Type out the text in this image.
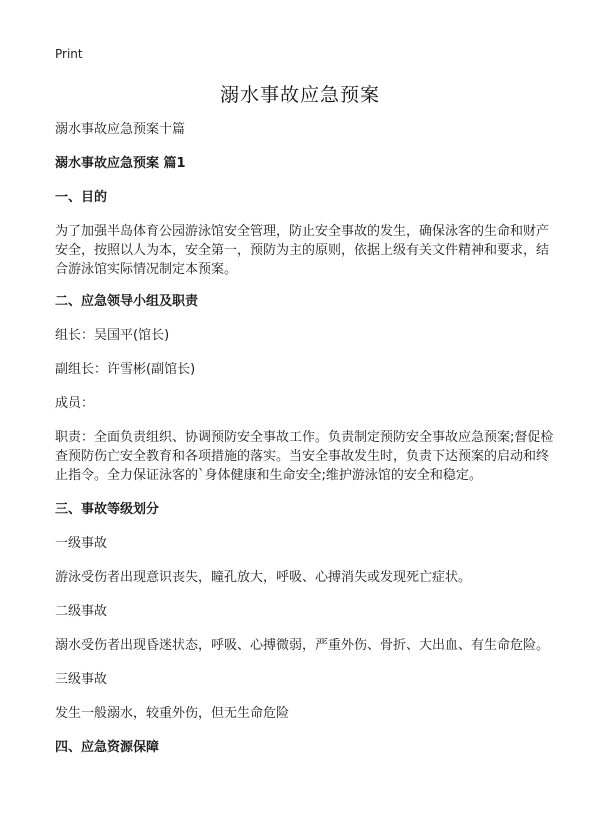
Print
溺水事故应急预案

溺水事故应急预案十篇

溺水事故应急预案 篇1

一、目的

为了加强半岛体育公园游泳馆安全管理，防止安全事故的发生，确保泳客的生命和财产安全，按照以人为本，安全第一，预防为主的原则，依据上级有关文件精神和要求，结合游泳馆实际情况制定本预案。

二、应急领导小组及职责

组长：吴国平(馆长)

副组长：许雪彬(副馆长)

成员：

职责：全面负责组织、协调预防安全事故工作。负责制定预防安全事故应急预案;督促检查预防伤亡安全教育和各项措施的落实。当安全事故发生时，负责下达预案的启动和终止指令。全力保证泳客的`身体健康和生命安全;维护游泳馆的安全和稳定。

三、事故等级划分

一级事故

游泳受伤者出现意识丧失，瞳孔放大，呼吸、心搏消失或发现死亡症状。

二级事故

溺水受伤者出现昏迷状态，呼吸、心搏微弱，严重外伤、骨折、大出血、有生命危险。

三级事故

发生一般溺水，较重外伤，但无生命危险

四、应急资源保障
